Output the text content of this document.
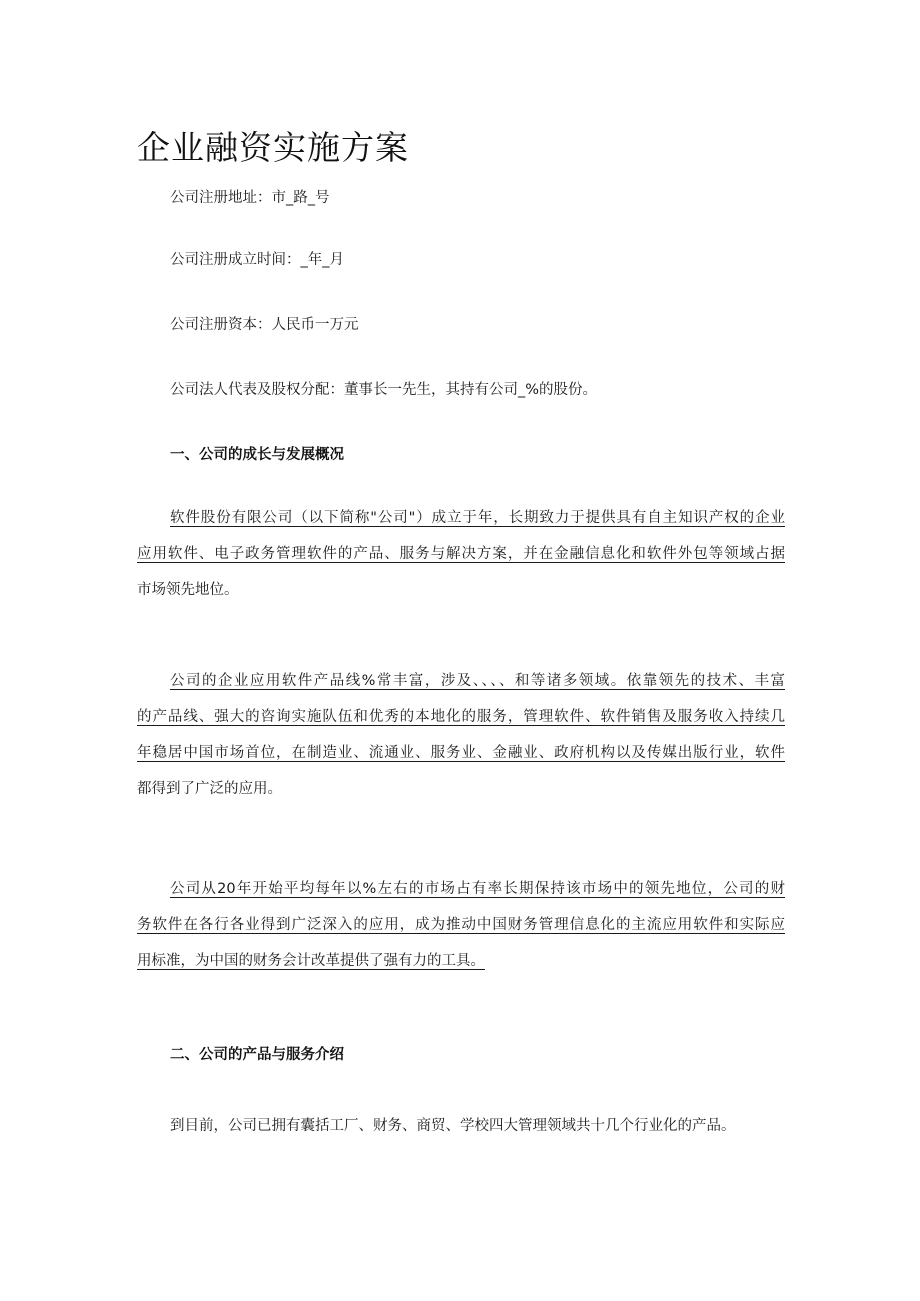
企业融资实施方案
公司注册地址：市_路_号
公司注册成立时间：_年_月
公司注册资本：人民币一万元
公司法人代表及股权分配：董事长一先生，其持有公司_%的股份。
一、公司的成长与发展概况
软件股份有限公司（以下简称"公司"）成立于年，长期致力于提供具有自主知识产权的企业
应用软件、电子政务管理软件的产品、服务与解决方案，并在金融信息化和软件外包等领域占据
市场领先地位。
公司的企业应用软件产品线%常丰富，涉及、、、、和等诸多领域。依靠领先的技术、丰富
的产品线、强大的咨询实施队伍和优秀的本地化的服务，管理软件、软件销售及服务收入持续几
年稳居中国市场首位，在制造业、流通业、服务业、金融业、政府机构以及传媒出版行业，软件
都得到了广泛的应用。
公司从20年开始平均每年以%左右的市场占有率长期保持该市场中的领先地位，公司的财
务软件在各行各业得到广泛深入的应用，成为推动中国财务管理信息化的主流应用软件和实际应
用标准，为中国的财务会计改革提供了强有力的工具。
二、公司的产品与服务介绍
到目前，公司已拥有囊括工厂、财务、商贸、学校四大管理领域共十几个行业化的产品。
